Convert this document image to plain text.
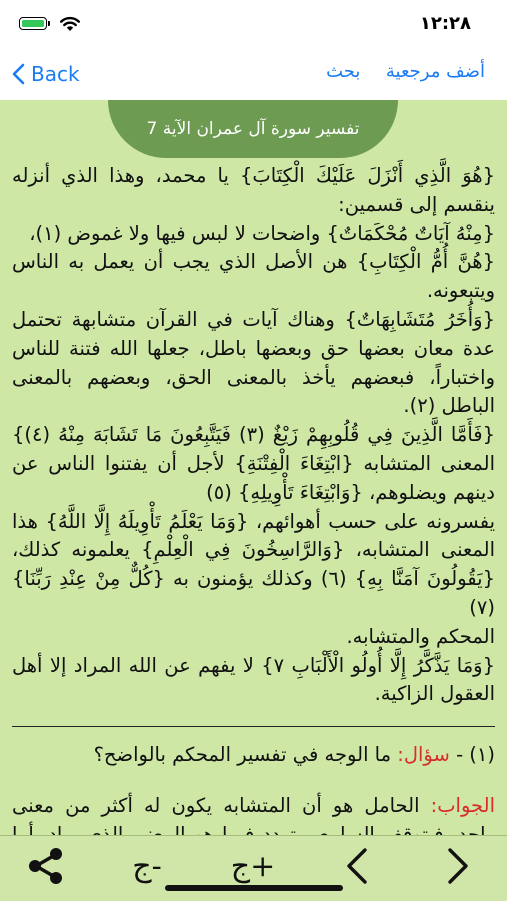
١٢:٢٨
Back	أضف مرجعية  بحث
تفسير سورة آل عمران الآية 7

{هُوَ الَّذِي أَنْزَلَ عَلَيْكَ الْكِتَابَ} يا محمد، وهذا الذي أنزله ينقسم إلى قسمين:

{مِنْهُ آيَاتٌ مُحْكَمَاتٌ} واضحات لا لبس فيها ولا غموض (١)،

{هُنَّ أُمُّ الْكِتَابِ} هن الأصل الذي يجب أن يعمل به الناس ويتبعونه.

{وَأُخَرُ مُتَشَابِهَاتٌ} وهناك آيات في القرآن متشابهة تحتمل عدة معان بعضها حق وبعضها باطل، جعلها الله فتنة للناس واختباراً، فبعضهم يأخذ بالمعنى الحق، وبعضهم بالمعنى الباطل (٢).

{فَأَمَّا الَّذِينَ فِي قُلُوبِهِمْ زَيْغٌ (٣) فَيَتَّبِعُونَ مَا تَشَابَهَ مِنْهُ (٤)} المعنى المتشابه {ابْتِغَاءَ الْفِتْنَةِ} لأجل أن يفتنوا الناس عن دينهم ويضلوهم، {وَابْتِغَاءَ تَأْوِيلِهِ} (٥)

يفسرونه على حسب أهوائهم، {وَمَا يَعْلَمُ تَأْوِيلَهُ إِلَّا اللَّهُ} هذا المعنى المتشابه، {وَالرَّاسِخُونَ فِي الْعِلْمِ} يعلمونه كذلك، {يَقُولُونَ آمَنَّا بِهِ} (٦) وكذلك يؤمنون به {كُلٌّ مِنْ عِنْدِ رَبِّنَا} (٧)

المحكم والمتشابه.

{وَمَا يَذَّكَّرُ إِلَّا أُولُو الْأَلْبَابِ ٧} لا يفهم عن الله المراد إلا أهل العقول الزاكية.

(١) - سؤال: ما الوجه في تفسير المحكم بالواضح؟

الجواب: الحامل هو أن المتشابه يكون له أكثر من معنى

ج-	ج+
